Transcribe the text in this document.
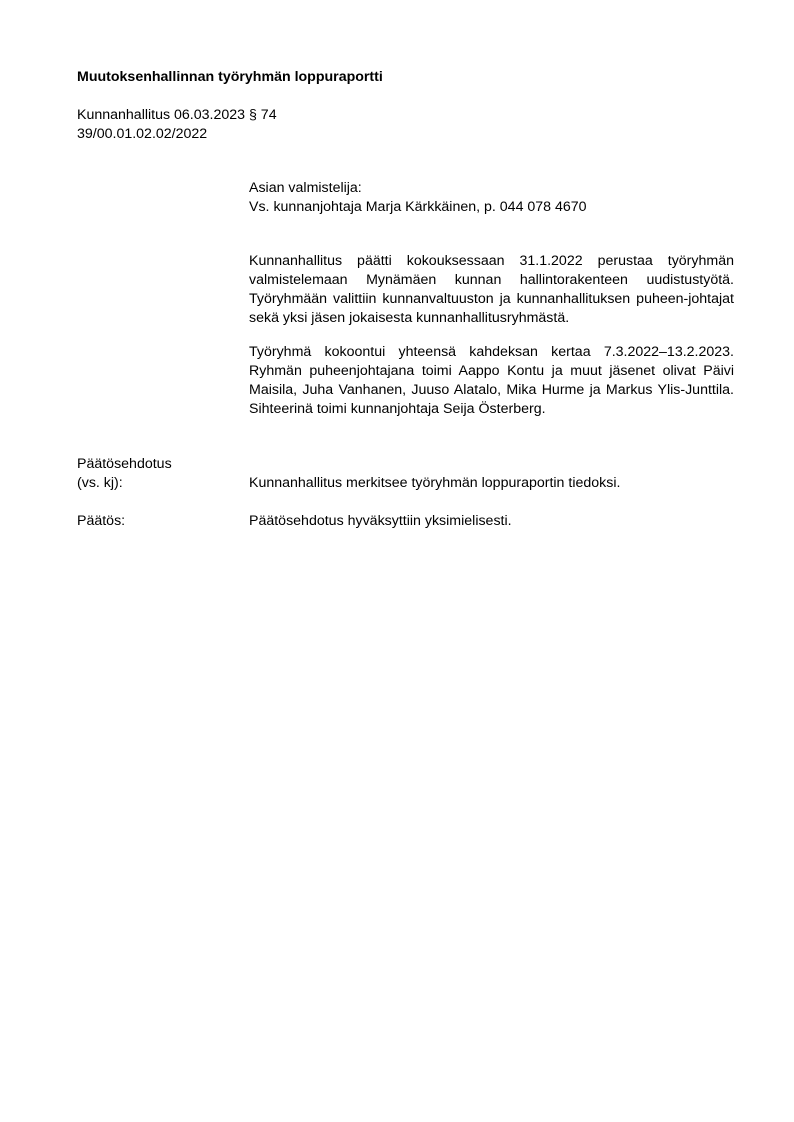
Muutoksenhallinnan työryhmän loppuraportti
Kunnanhallitus 06.03.2023 § 74
39/00.01.02.02/2022
Asian valmistelija:
Vs. kunnanjohtaja Marja Kärkkäinen, p. 044 078 4670
Kunnanhallitus päätti kokouksessaan 31.1.2022 perustaa työryhmän valmistelemaan Mynämäen kunnan hallintorakenteen uudistustyötä. Työryhmään valittiin kunnanvaltuuston ja kunnanhallituksen puheen-johtajat sekä yksi jäsen jokaisesta kunnanhallitusryhmästä.
Työryhmä kokoontui yhteensä kahdeksan kertaa 7.3.2022–13.2.2023. Ryhmän puheenjohtajana toimi Aappo Kontu ja muut jäsenet olivat Päivi Maisila, Juha Vanhanen, Juuso Alatalo, Mika Hurme ja Markus Ylis-Junttila. Sihteerinä toimi kunnanjohtaja Seija Österberg.
Päätösehdotus
(vs. kj):	Kunnanhallitus merkitsee työryhmän loppuraportin tiedoksi.
Päätös:	Päätösehdotus hyväksyttiin yksimielisesti.
